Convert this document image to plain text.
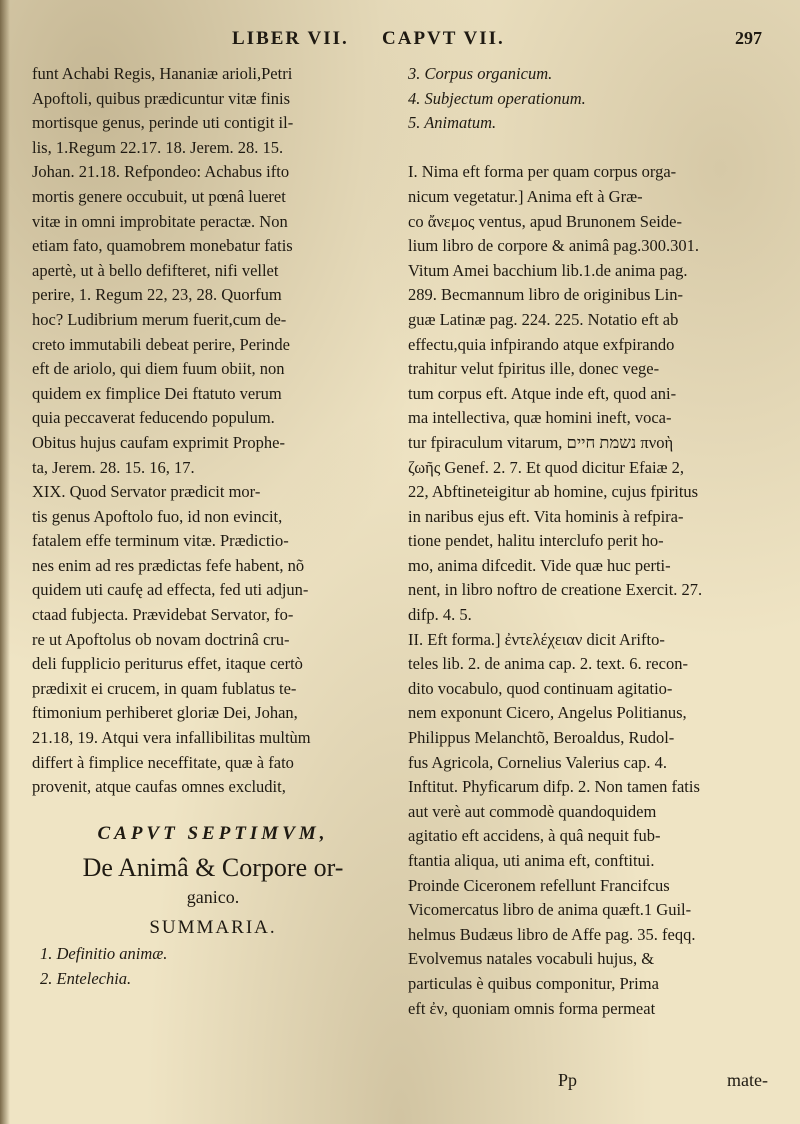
LIBER VII. CAPVT VII.	297
funt Achabi Regis, Hananiæ arioli,Petri
Apoftoli, quibus prædicuntur vitæ finis
mortisque genus, perinde uti contigit il-
lis, 1.Regum 22.17. 18. Jerem. 28. 15.
Johan. 21.18. Refpondeo: Achabus ifto
mortis genere occubuit, ut pœnâ lueret
vitæ in omni improbitate peractæ. Non
etiam fato, quamobrem monebatur fatis
apertè, ut à bello defifteret, nifi vellet
perire, 1. Regum 22, 23, 28. Quorfum
hoc? Ludibrium merum fuerit,cum de-
creto immutabili debeat perire, Perinde
eft de ariolo, qui diem fuum obiit, non
quidem ex fimplice Dei ftatuto verum
quia peccaverat feducendo populum.
Obitus hujus caufam exprimit Prophe-
ta, Jerem. 28. 15. 16, 17.
XIX. Quod Servator prædicit mor-
tis genus Apoftolo fuo, id non evincit,
fatalem effe terminum vitæ. Prædictio-
nes enim ad res prædictas fefe habent, nõ
quidem uti caufę ad effecta, fed uti adjun-
ctaad fubjecta. Prævidebat Servator, fo-
re ut Apoftolus ob novam doctrinâ cru-
deli fupplicio periturus effet, itaque certò
prædixit ei crucem, in quam fublatus te-
ftimonium perhiberet gloriæ Dei, Johan,
21.18, 19. Atqui vera infallibilitas multùm
differt à fimplice neceffitate, quæ à fato
provenit, atque caufas omnes excludit,
CAPVT SEPTIMVM,
De Animâ & Corpore or-
ganico.
SUMMARIA.
1. Definitio animæ.
2. Entelechia.
3. Corpus organicum.
4. Subjectum operationum.
5. Animatum.

I. Nima eft forma per quam corpus orga-
nicum vegetatur.] Anima eft à Græ-
co ἄνεμος ventus, apud Brunonem Seide-
lium libro de corpore & animâ pag.300.301.
Vitum Amei bacchium lib.1.de anima pag.
289. Becmannum libro de originibus Lin-
guæ Latinæ pag. 224. 225. Notatio eft ab
effectu,quia infpirando atque exfpirando
trahitur velut fpiritus ille, donec vege-
tum corpus eft. Atque inde eft, quod ani-
ma intellectiva, quæ homini ineft, voca-
tur fpiraculum vitarum, נשמת חיים πνοὴ
ζωῆς Genef. 2. 7. Et quod dicitur Efaiæ 2,
22, Abftineteigitur ab homine, cujus fpiritus
in naribus ejus eft. Vita hominis à refpira-
tione pendet, halitu interclufo perit ho-
mo, anima difcedit. Vide quæ huc perti-
nent, in libro noftro de creatione Exercit. 27.
difp. 4. 5.
II. Eft forma.] ἐντελέχειαν dicit Arifto-
teles lib. 2. de anima cap. 2. text. 6. recon-
dito vocabulo, quod continuam agitatio-
nem exponunt Cicero, Angelus Politianus,
Philippus Melanchtõ, Beroaldus, Rudol-
fus Agricola, Cornelius Valerius cap. 4.
Inftitut. Phyficarum difp. 2. Non tamen fatis
aut verè aut commodè quandoquidem
agitatio eft accidens, à quâ nequit fub-
ftantia aliqua, uti anima eft, conftitui.
Proinde Ciceronem refellunt Francifcus
Vicomercatus libro de anima quæft.1 Guil-
helmus Budæus libro de Affe pag. 35. feqq.
Evolvemus natales vocabuli hujus, &
particulas è quibus componitur, Prima
eft ἐν, quoniam omnis forma permeat
Pp	mate-
